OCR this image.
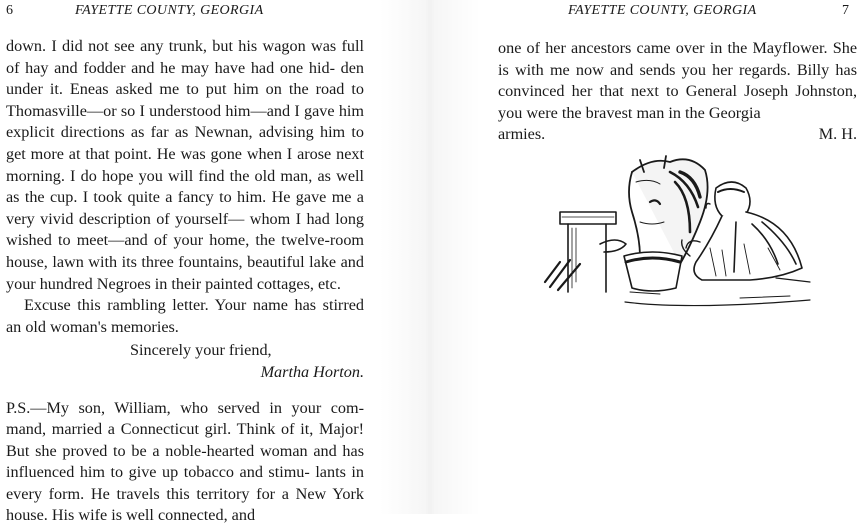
6	FAYETTE COUNTY, GEORGIA

down. I did not see any trunk, but his wagon was full of hay and fodder and he may have had one hid- den under it. Eneas asked me to put him on the road to Thomasville—or so I understood him—and I gave him explicit directions as far as Newnan, advising him to get more at that point. He was gone when I arose next morning. I do hope you will find the old man, as well as the cup. I took quite a fancy to him. He gave me a very vivid description of yourself— whom I had long wished to meet—and of your home, the twelve-room house, lawn with its three fountains, beautiful lake and your hundred Negroes in their painted cottages, etc.

Excuse this rambling letter. Your name has stirred an old woman's memories.

Sincerely your friend,
Martha Horton.

P.S.—My son, William, who served in your com- mand, married a Connecticut girl. Think of it, Major! But she proved to be a noble-hearted woman and has influenced him to give up tobacco and stimu- lants in every form. He travels this territory for a New York house. His wife is well connected, and

FAYETTE COUNTY, GEORGIA	7

one of her ancestors came over in the Mayflower. She is with me now and sends you her regards. Billy has convinced her that next to General Joseph Johnston, you were the bravest man in the Georgia
armies.	M. H.
